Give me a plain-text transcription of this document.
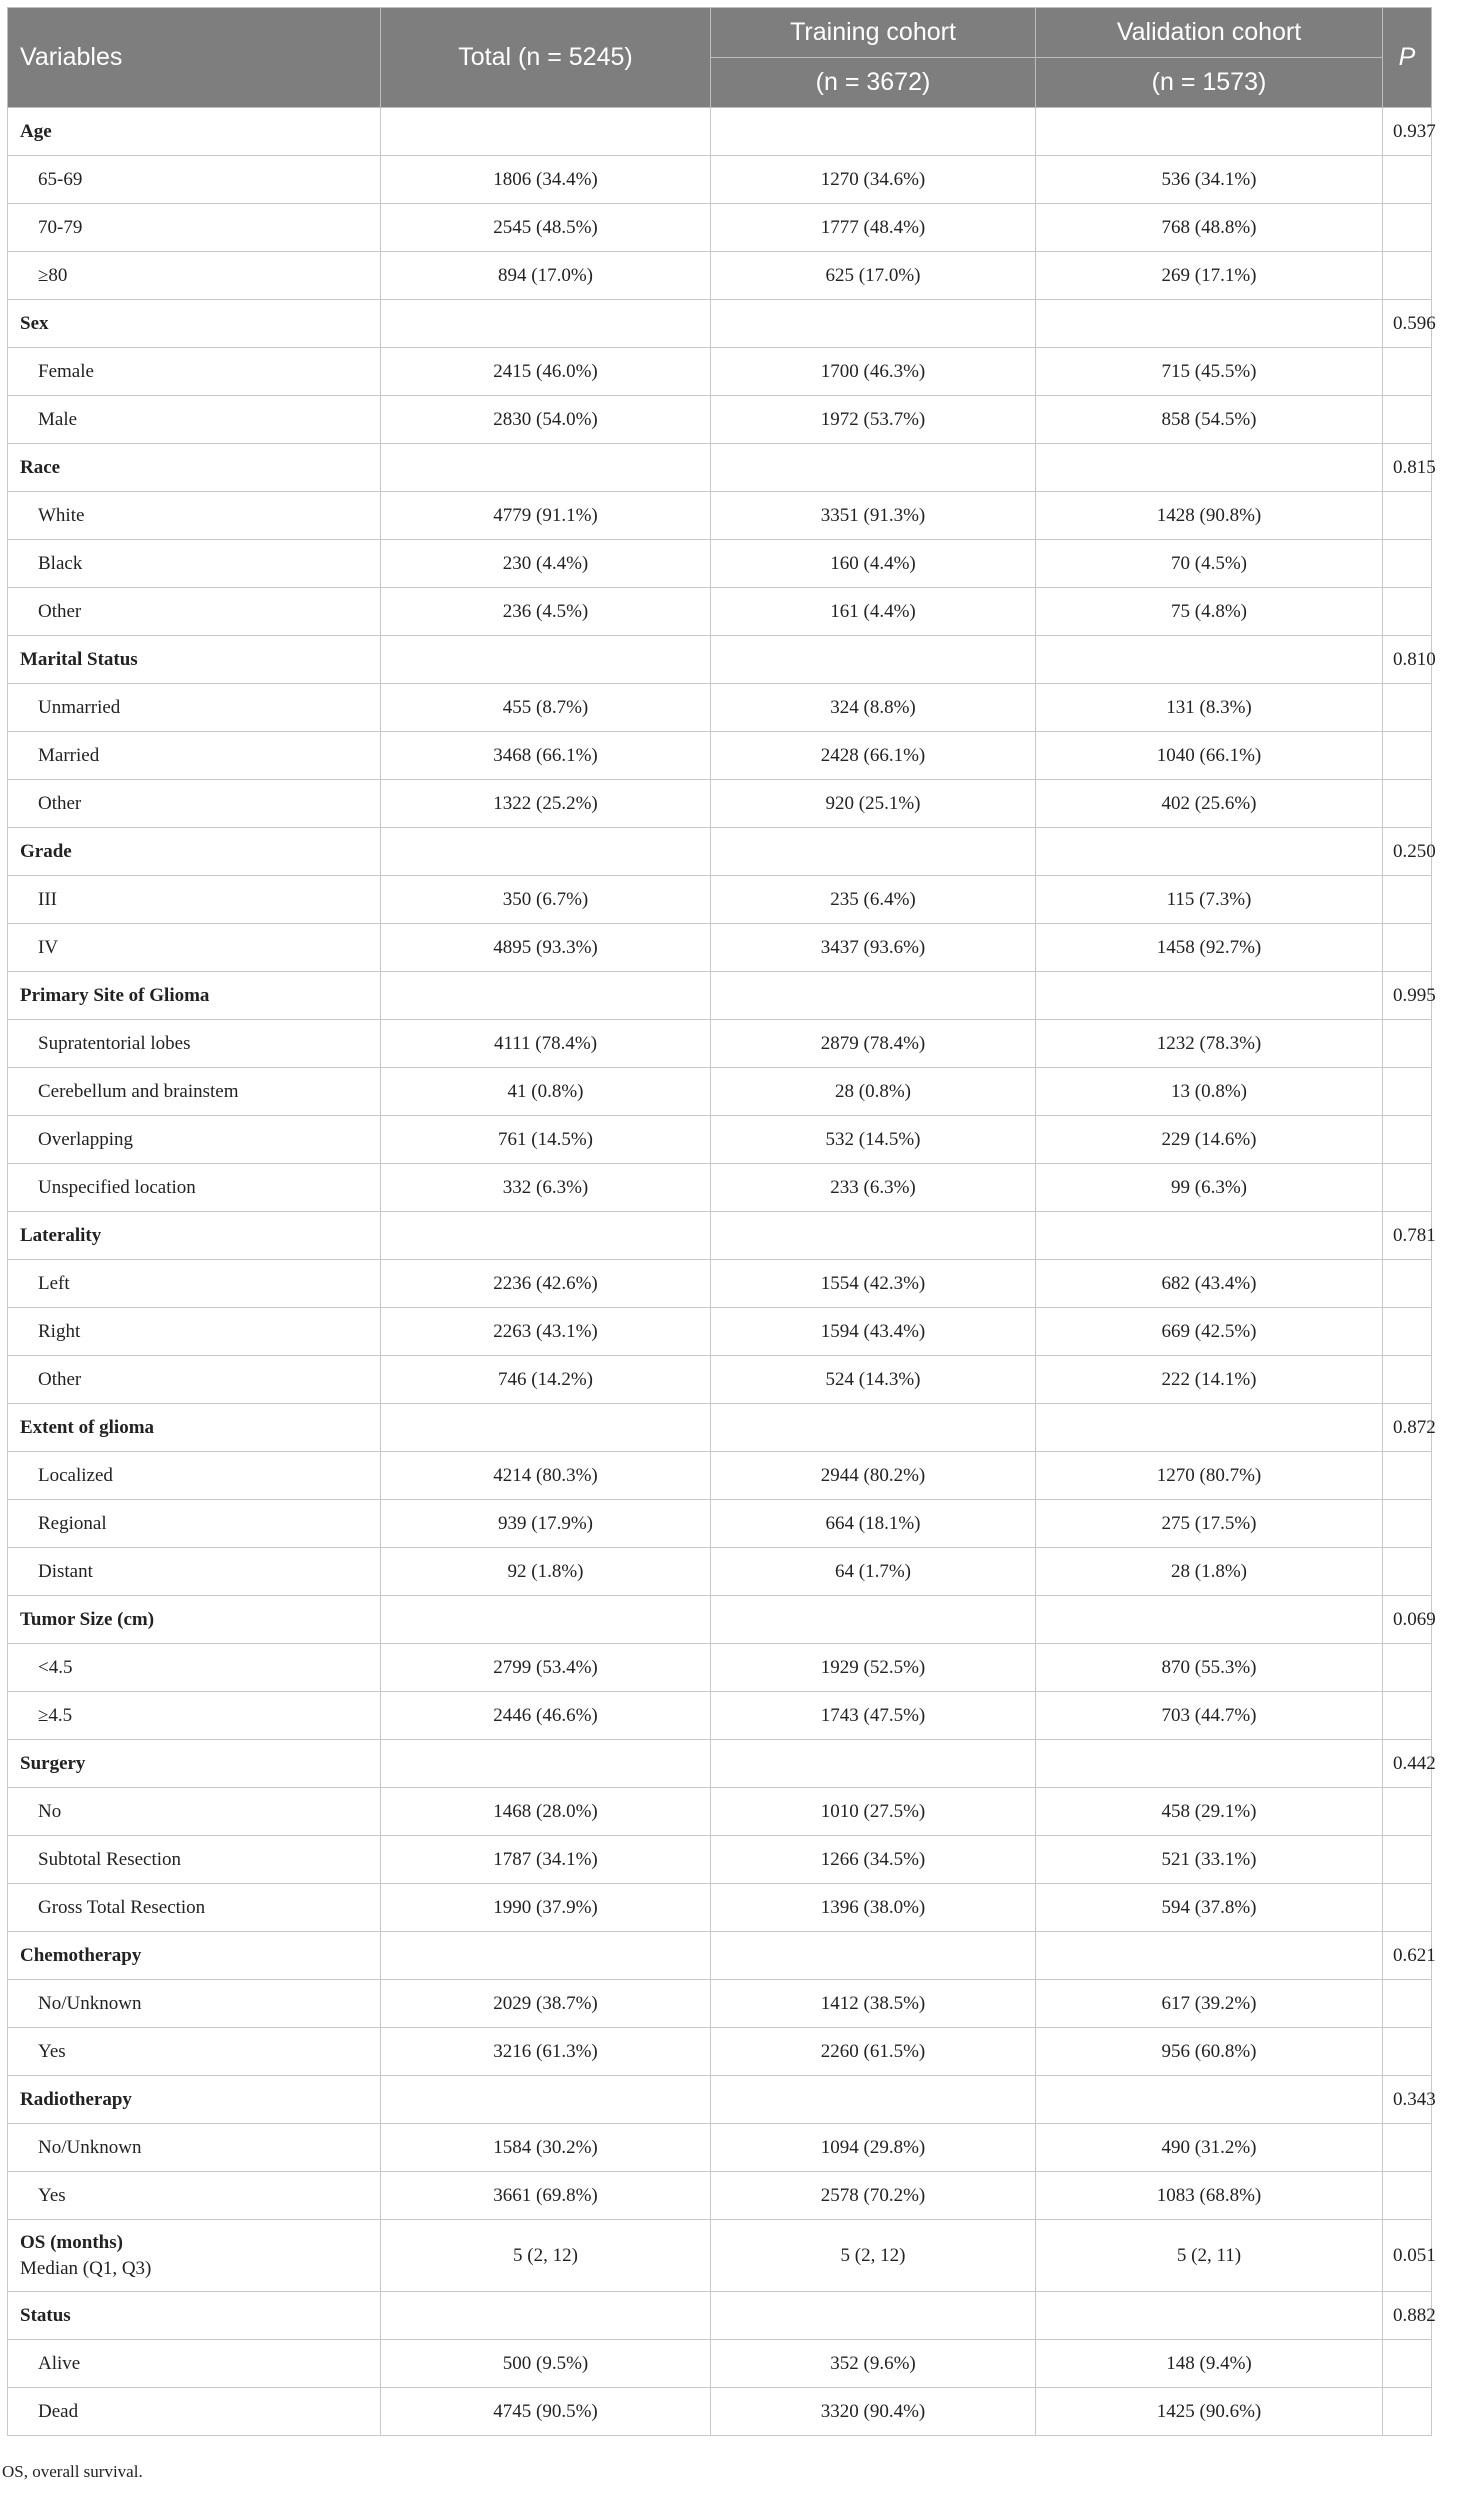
Variables	Total (n = 5245)	Training cohort	Validation cohort	P
		(n = 3672)	(n = 1573)	
Age				0.937
65-69	1806 (34.4%)	1270 (34.6%)	536 (34.1%)	
70-79	2545 (48.5%)	1777 (48.4%)	768 (48.8%)	
≥80	894 (17.0%)	625 (17.0%)	269 (17.1%)	
Sex				0.596
Female	2415 (46.0%)	1700 (46.3%)	715 (45.5%)	
Male	2830 (54.0%)	1972 (53.7%)	858 (54.5%)	
Race				0.815
White	4779 (91.1%)	3351 (91.3%)	1428 (90.8%)	
Black	230 (4.4%)	160 (4.4%)	70 (4.5%)	
Other	236 (4.5%)	161 (4.4%)	75 (4.8%)	
Marital Status				0.810
Unmarried	455 (8.7%)	324 (8.8%)	131 (8.3%)	
Married	3468 (66.1%)	2428 (66.1%)	1040 (66.1%)	
Other	1322 (25.2%)	920 (25.1%)	402 (25.6%)	
Grade				0.250
III	350 (6.7%)	235 (6.4%)	115 (7.3%)	
IV	4895 (93.3%)	3437 (93.6%)	1458 (92.7%)	
Primary Site of Glioma				0.995
Supratentorial lobes	4111 (78.4%)	2879 (78.4%)	1232 (78.3%)	
Cerebellum and brainstem	41 (0.8%)	28 (0.8%)	13 (0.8%)	
Overlapping	761 (14.5%)	532 (14.5%)	229 (14.6%)	
Unspecified location	332 (6.3%)	233 (6.3%)	99 (6.3%)	
Laterality				0.781
Left	2236 (42.6%)	1554 (42.3%)	682 (43.4%)	
Right	2263 (43.1%)	1594 (43.4%)	669 (42.5%)	
Other	746 (14.2%)	524 (14.3%)	222 (14.1%)	
Extent of glioma				0.872
Localized	4214 (80.3%)	2944 (80.2%)	1270 (80.7%)	
Regional	939 (17.9%)	664 (18.1%)	275 (17.5%)	
Distant	92 (1.8%)	64 (1.7%)	28 (1.8%)	
Tumor Size (cm)				0.069
<4.5	2799 (53.4%)	1929 (52.5%)	870 (55.3%)	
≥4.5	2446 (46.6%)	1743 (47.5%)	703 (44.7%)	
Surgery				0.442
No	1468 (28.0%)	1010 (27.5%)	458 (29.1%)	
Subtotal Resection	1787 (34.1%)	1266 (34.5%)	521 (33.1%)	
Gross Total Resection	1990 (37.9%)	1396 (38.0%)	594 (37.8%)	
Chemotherapy				0.621
No/Unknown	2029 (38.7%)	1412 (38.5%)	617 (39.2%)	
Yes	3216 (61.3%)	2260 (61.5%)	956 (60.8%)	
Radiotherapy				0.343
No/Unknown	1584 (30.2%)	1094 (29.8%)	490 (31.2%)	
Yes	3661 (69.8%)	2578 (70.2%)	1083 (68.8%)	
OS (months)
Median (Q1, Q3)	5 (2, 12)	5 (2, 12)	5 (2, 11)	0.051
Status				0.882
Alive	500 (9.5%)	352 (9.6%)	148 (9.4%)	
Dead	4745 (90.5%)	3320 (90.4%)	1425 (90.6%)	
OS, overall survival.
